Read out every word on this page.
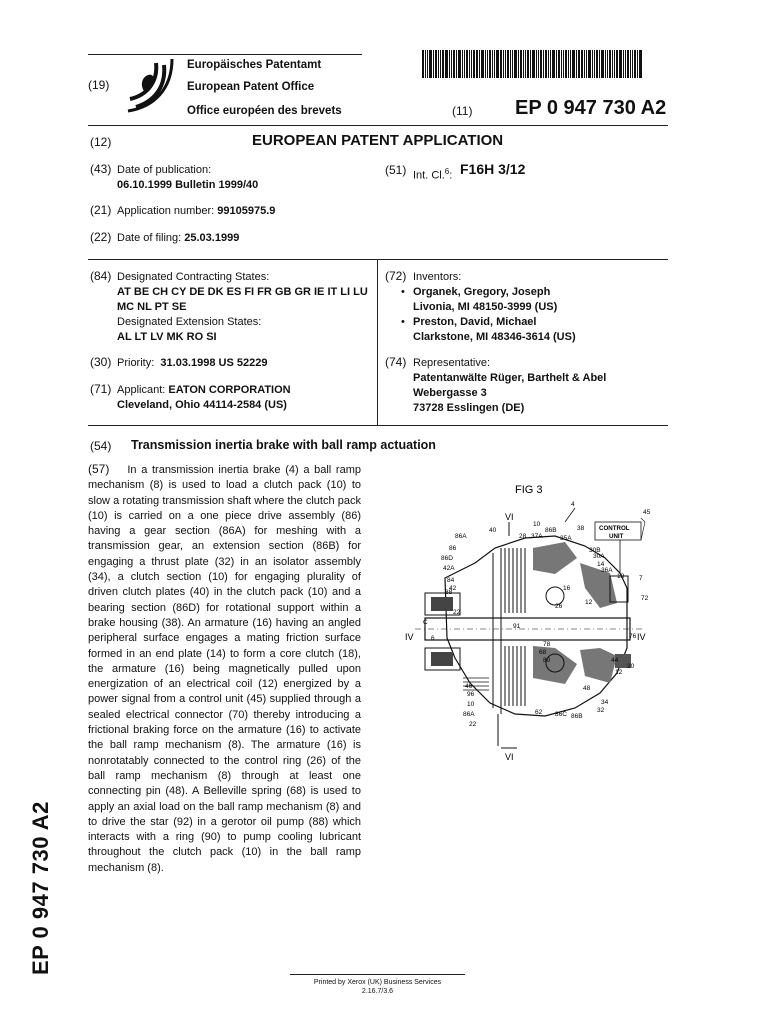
(19)
Europäisches Patentamt
European Patent Office
Office européen des brevets	(11) EP 0 947 730 A2
(12)	EUROPEAN PATENT APPLICATION
(43) Date of publication:
06.10.1999 Bulletin 1999/40
(51) Int. Cl.$^6$: F16H 3/12
(21) Application number: 99105975.9
(22) Date of filing: 25.03.1999
(84) Designated Contracting States:
AT BE CH CY DE DK ES FI FR GB GR IE IT LI LU
MC NL PT SE
Designated Extension States:
AL LT LV MK RO SI
(30) Priority: 31.03.1998 US 52229
(71) Applicant: EATON CORPORATION
Cleveland, Ohio 44114-2584 (US)
(72) Inventors:
• Organek, Gregory, Joseph
Livonia, MI 48150-3999 (US)
• Preston, David, Michael
Clarkstone, MI 48346-3614 (US)
(74) Representative:
Patentanwälte Rüger, Barthelt & Abel
Webergasse 3
73728 Esslingen (DE)
(54) Transmission inertia brake with ball ramp actuation

(57) In a transmission inertia brake (4) a ball ramp mechanism (8) is used to load a clutch pack (10) to slow a rotating transmission shaft where the clutch pack (10) is carried on a one piece drive assembly (86) having a gear section (86A) for meshing with a transmission gear, an extension section (86B) for engaging a thrust plate (32) in an isolator assembly (34), a clutch section (10) for engaging plurality of driven clutch plates (40) in the clutch pack (10) and a bearing section (86D) for rotational support within a brake housing (38). An armature (16) having an angled peripheral surface engages a mating friction surface formed in an end plate (14) to form a core clutch (18), the armature (16) being magnetically pulled upon energization of an electrical coil (12) energized by a power signal from a control unit (45) supplied through a sealed electrical connector (70) thereby introducing a frictional braking force on the armature (16) to activate the ball ramp mechanism (8). The armature (16) is nonrotatably connected to the control ring (26) of the ball ramp mechanism (8) through at least one connecting pin (48). A Belleville spring (68) is used to apply an axial load on the ball ramp mechanism (8) and to drive the star (92) in a gerotor oil pump (88) which interacts with a ring (90) to pump cooling lubricant throughout the clutch pack (10) in the ball ramp mechanism (8).

FIG 3
VI
CONTROL
UNIT
VI
IV	IV
4
45
10
86B	38
40
28 37A	35A
86A
86
86D
42A
84
42
30B
30A
14
36A
18 7
12
72
88
22
26
C
6
91
16
76
78
68
80	44
20
12
46
96
48
10
86A	62 86C 86B
34
32
22
EP 0 947 730 A2
Printed by Xerox (UK) Business Services
2.16.7/3.6
